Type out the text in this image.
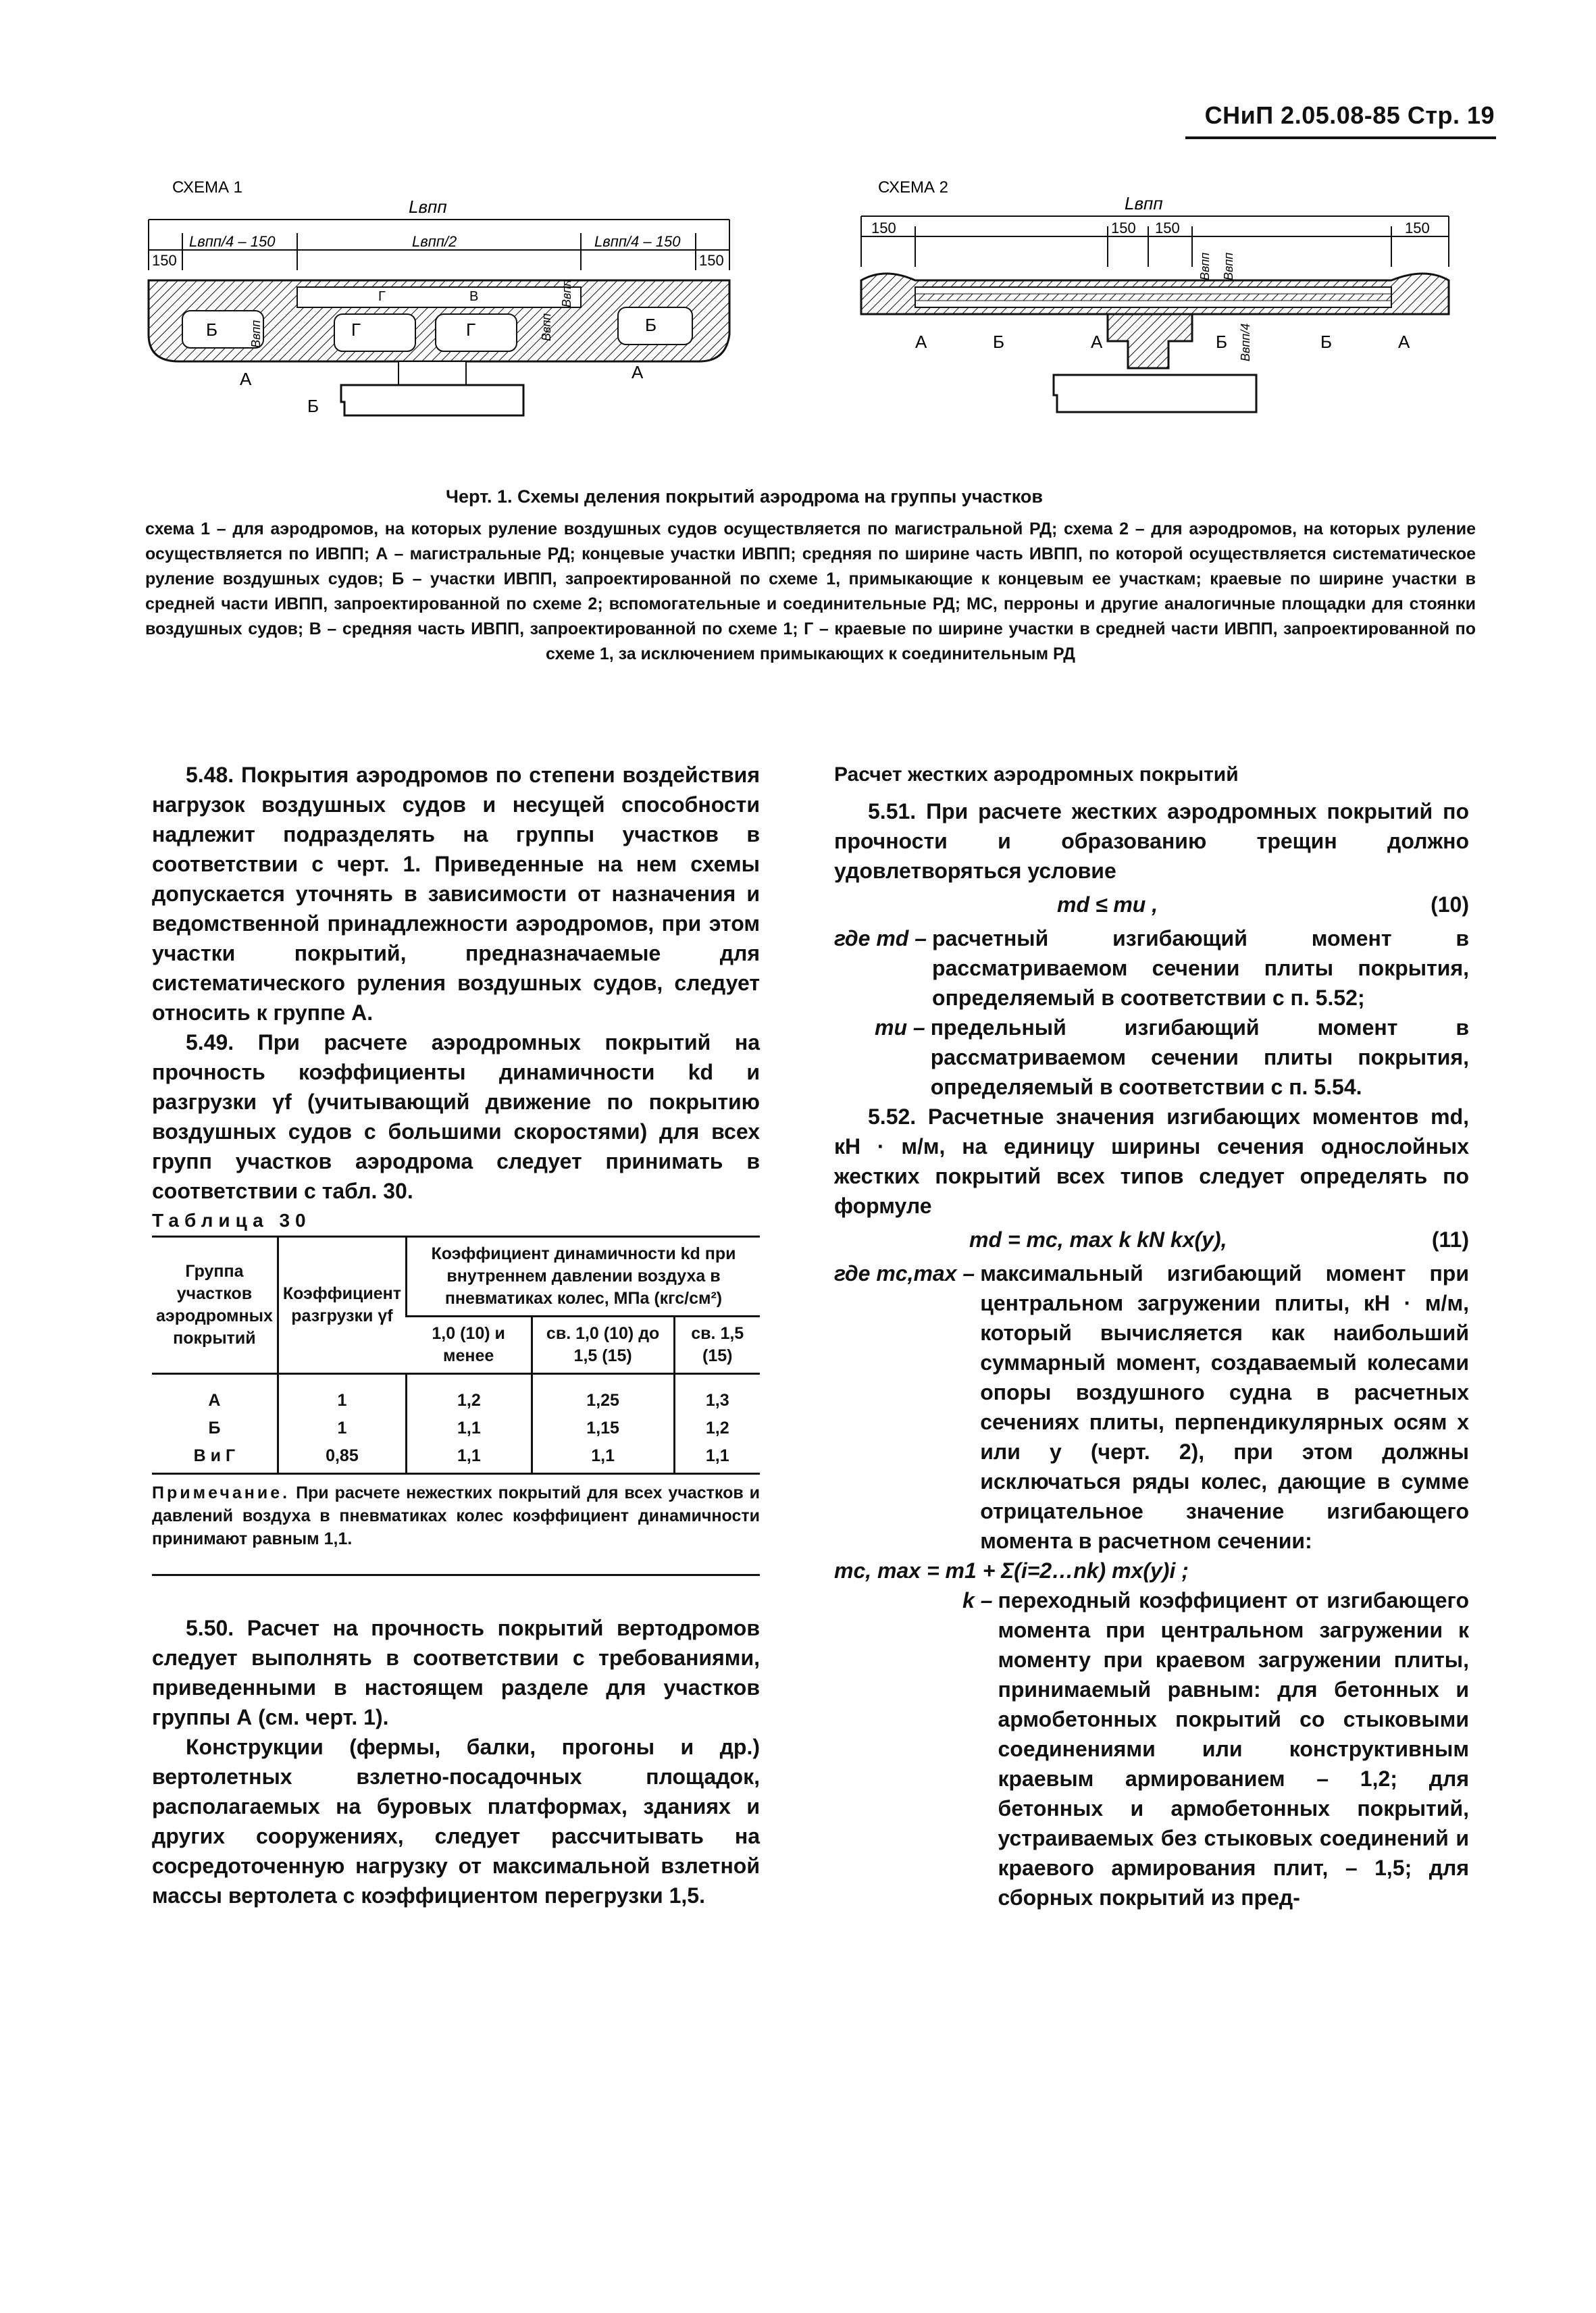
СНиП 2.05.08-85 Стр. 19
СХЕМА 1
Lвпп
150
Lвпп/4 – 150	Lвпп/2	Lвпп/4 – 150
150
Б	Г	Г
В
Г
Б
А	А
Б
Bвпп	Bвпп
Bвпп
СХЕМА 2
Lвпп
150	150 150	150
А	Б	А	Б	Б	А
Bвпп Bвпп
Bвпп/4
Черт. 1. Схемы деления покрытий аэродрома на группы участков
схема 1 – для аэродромов, на которых руление воздушных судов осуществляется по магистральной РД; схема 2 – для аэродромов, на которых руление осуществляется по ИВПП; А – магистральные РД; концевые участки ИВПП; средняя по ширине часть ИВПП, по которой осуществляется систематическое руление воздушных судов; Б – участки ИВПП, запроектированной по схеме 1, примыкающие к концевым ее участкам; краевые по ширине участки в средней части ИВПП, запроектированной по схеме 2; вспомогательные и соединительные РД; МС, перроны и другие аналогичные площадки для стоянки воздушных судов; В – средняя часть ИВПП, запроектированной по схеме 1; Г – краевые по ширине участки в средней части ИВПП, запроектированной по схеме 1, за исключением примыкающих к соединительным РД

5.48. Покрытия аэродромов по степени воздействия нагрузок воздушных судов и несущей способности надлежит подразделять на группы участков в соответствии с черт. 1. Приведенные на нем схемы допускается уточнять в зависимости от назначения и ведомственной принадлежности аэродромов, при этом участки покрытий, предназначаемые для систематического руления воздушных судов, следует относить к группе А.

5.49. При расчете аэродромных покрытий на прочность коэффициенты динамичности kd и разгрузки γf (учитывающий движение по покрытию воздушных судов с большими скоростями) для всех групп участков аэродрома следует принимать в соответствии с табл. 30.

Таблица 30

Группа участков аэродромных покрытий	Коэффициент разгрузки γf	Коэффициент динамичности kd при внутреннем давлении воздуха в пневматиках колес, МПа (кгс/см²)		
		1,0 (10) и менее	св. 1,0 (10) до 1,5 (15)	св. 1,5 (15)
А	1	1,2	1,25	1,3
Б	1	1,1	1,15	1,2
В и Г	0,85	1,1	1,1	1,1

Примечание. При расчете нежестких покрытий для всех участков и давлений воздуха в пневматиках колес коэффициент динамичности принимают равным 1,1.

5.50. Расчет на прочность покрытий вертодромов следует выполнять в соответствии с требованиями, приведенными в настоящем разделе для участков группы А (см. черт. 1).

Конструкции (фермы, балки, прогоны и др.) вертолетных взлетно-посадочных площадок, располагаемых на буровых платформах, зданиях и других сооружениях, следует рассчитывать на сосредоточенную нагрузку от максимальной взлетной массы вертолета с коэффициентом перегрузки 1,5.

Расчет жестких аэродромных покрытий

5.51. При расчете жестких аэродромных покрытий по прочности и образованию трещин должно удовлетворяться условие

md ≤ mu ,	(10)
где md – расчетный изгибающий момент в рассматриваемом сечении плиты покрытия, определяемый в соответствии с п. 5.52;

mu – предельный изгибающий момент в рассматриваемом сечении плиты покрытия, определяемый в соответствии с п. 5.54.

5.52. Расчетные значения изгибающих моментов md, кН · м/м, на единицу ширины сечения однослойных жестких покрытий всех типов следует определять по формуле

md = mc, max k kN kx(y),	(11)
где mc,max – максимальный изгибающий момент при центральном загружении плиты, кН · м/м, который вычисляется как наибольший суммарный момент, создаваемый колесами опоры воздушного судна в расчетных сечениях плиты, перпендикулярных осям x или y (черт. 2), при этом должны исключаться ряды колес, дающие в сумме отрицательное значение изгибающего момента в расчетном сечении:

mc, max = m1 + Σ(i=2…nk) mx(y)i ;

k – переходный коэффициент от изгибающего момента при центральном загружении к моменту при краевом загружении плиты, принимаемый равным: для бетонных и армобетонных покрытий со стыковыми соединениями или конструктивным краевым армированием – 1,2; для бетонных и армобетонных покрытий, устраиваемых без стыковых соединений и краевого армирования плит, – 1,5; для сборных покрытий из пред-
